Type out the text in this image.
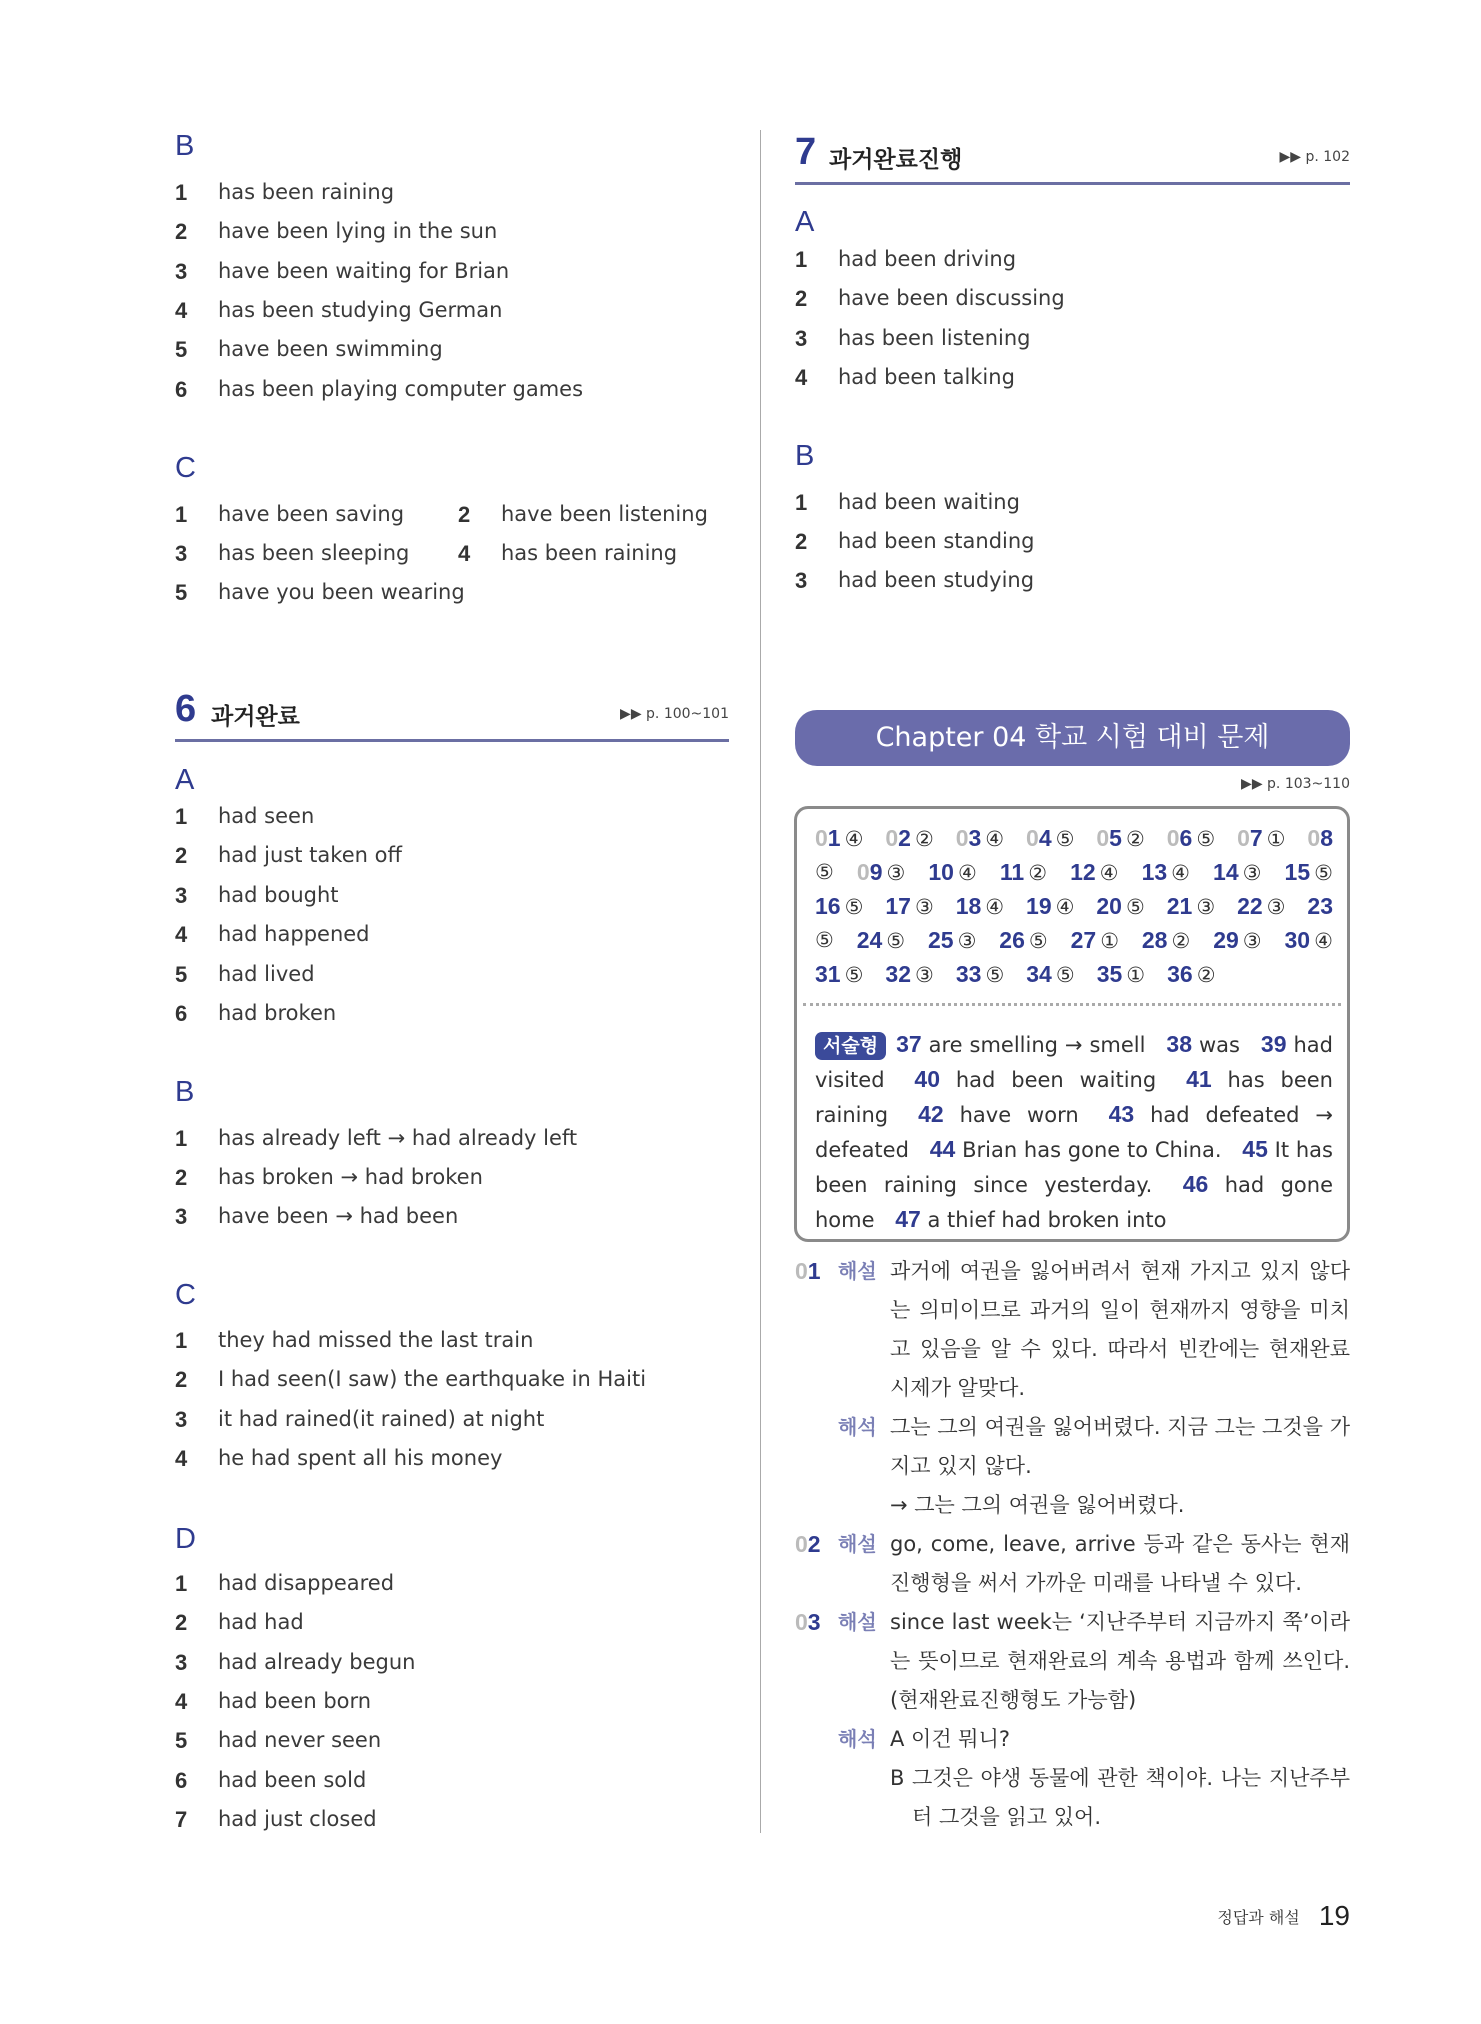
B
1 has been raining
2 have been lying in the sun
3 have been waiting for Brian
4 has been studying German
5 have been swimming
6 has been playing computer games
C
1 have been saving 2 have been listening
3 has been sleeping 4 has been raining
5 have you been wearing
6 과거완료	▶▶ p. 100~101
A
1 had seen
2 had just taken off
3 had bought
4 had happened
5 had lived
6 had broken
B
1 has already left → had already left
2 has broken → had broken
3 have been → had been
C
1 they had missed the last train
2 I had seen(I saw) the earthquake in Haiti
3 it had rained(it rained) at night
4 he had spent all his money
D
1 had disappeared
2 had had
3 had already begun
4 had been born
5 had never seen
6 had been sold
7 had just closed
7 과거완료진행	▶▶ p. 102
A
1 had been driving
2 have been discussing
3 has been listening
4 had been talking
B
1 had been waiting
2 had been standing
3 had been studying
Chapter 04 학교 시험 대비 문제
▶▶ p. 103~110
01 ④ 02 ② 03 ④ 04 ⑤ 05 ② 06 ⑤ 07 ① 08
⑤ 09 ③ 10 ④ 11 ② 12 ④ 13 ④ 14 ③ 15 ⑤
16 ⑤ 17 ③ 18 ④ 19 ④ 20 ⑤ 21 ③ 22 ③ 23
⑤ 24 ⑤ 25 ③ 26 ⑤ 27 ① 28 ② 29 ③ 30 ④
31 ⑤ 32 ③ 33 ⑤ 34 ⑤ 35 ① 36 ②
서술형 37 are smelling → smell 38 was 39 had visited 40 had been waiting 41 has been raining 42 have worn 43 had defeated → defeated 44 Brian has gone to China. 45 It has been raining since yesterday. 46 had gone home 47 a thief had broken into
01 해설 과거에 여권을 잃어버려서 현재 가지고 있지 않다는 의미이므로 과거의 일이 현재까지 영향을 미치고 있음을 알 수 있다. 따라서 빈칸에는 현재완료 시제가 알맞다.
해석 그는 그의 여권을 잃어버렸다. 지금 그는 그것을 가지고 있지 않다.
→ 그는 그의 여권을 잃어버렸다.
02 해설 go, come, leave, arrive 등과 같은 동사는 현재진행형을 써서 가까운 미래를 나타낼 수 있다.
03 해설 since last week는 ‘지난주부터 지금까지 쭉’이라는 뜻이므로 현재완료의 계속 용법과 함께 쓰인다. (현재완료진행형도 가능함)
해석 A 이건 뭐니?
B 그것은 야생 동물에 관한 책이야. 나는 지난주부터 그것을 읽고 있어.
정답과 해설 19
